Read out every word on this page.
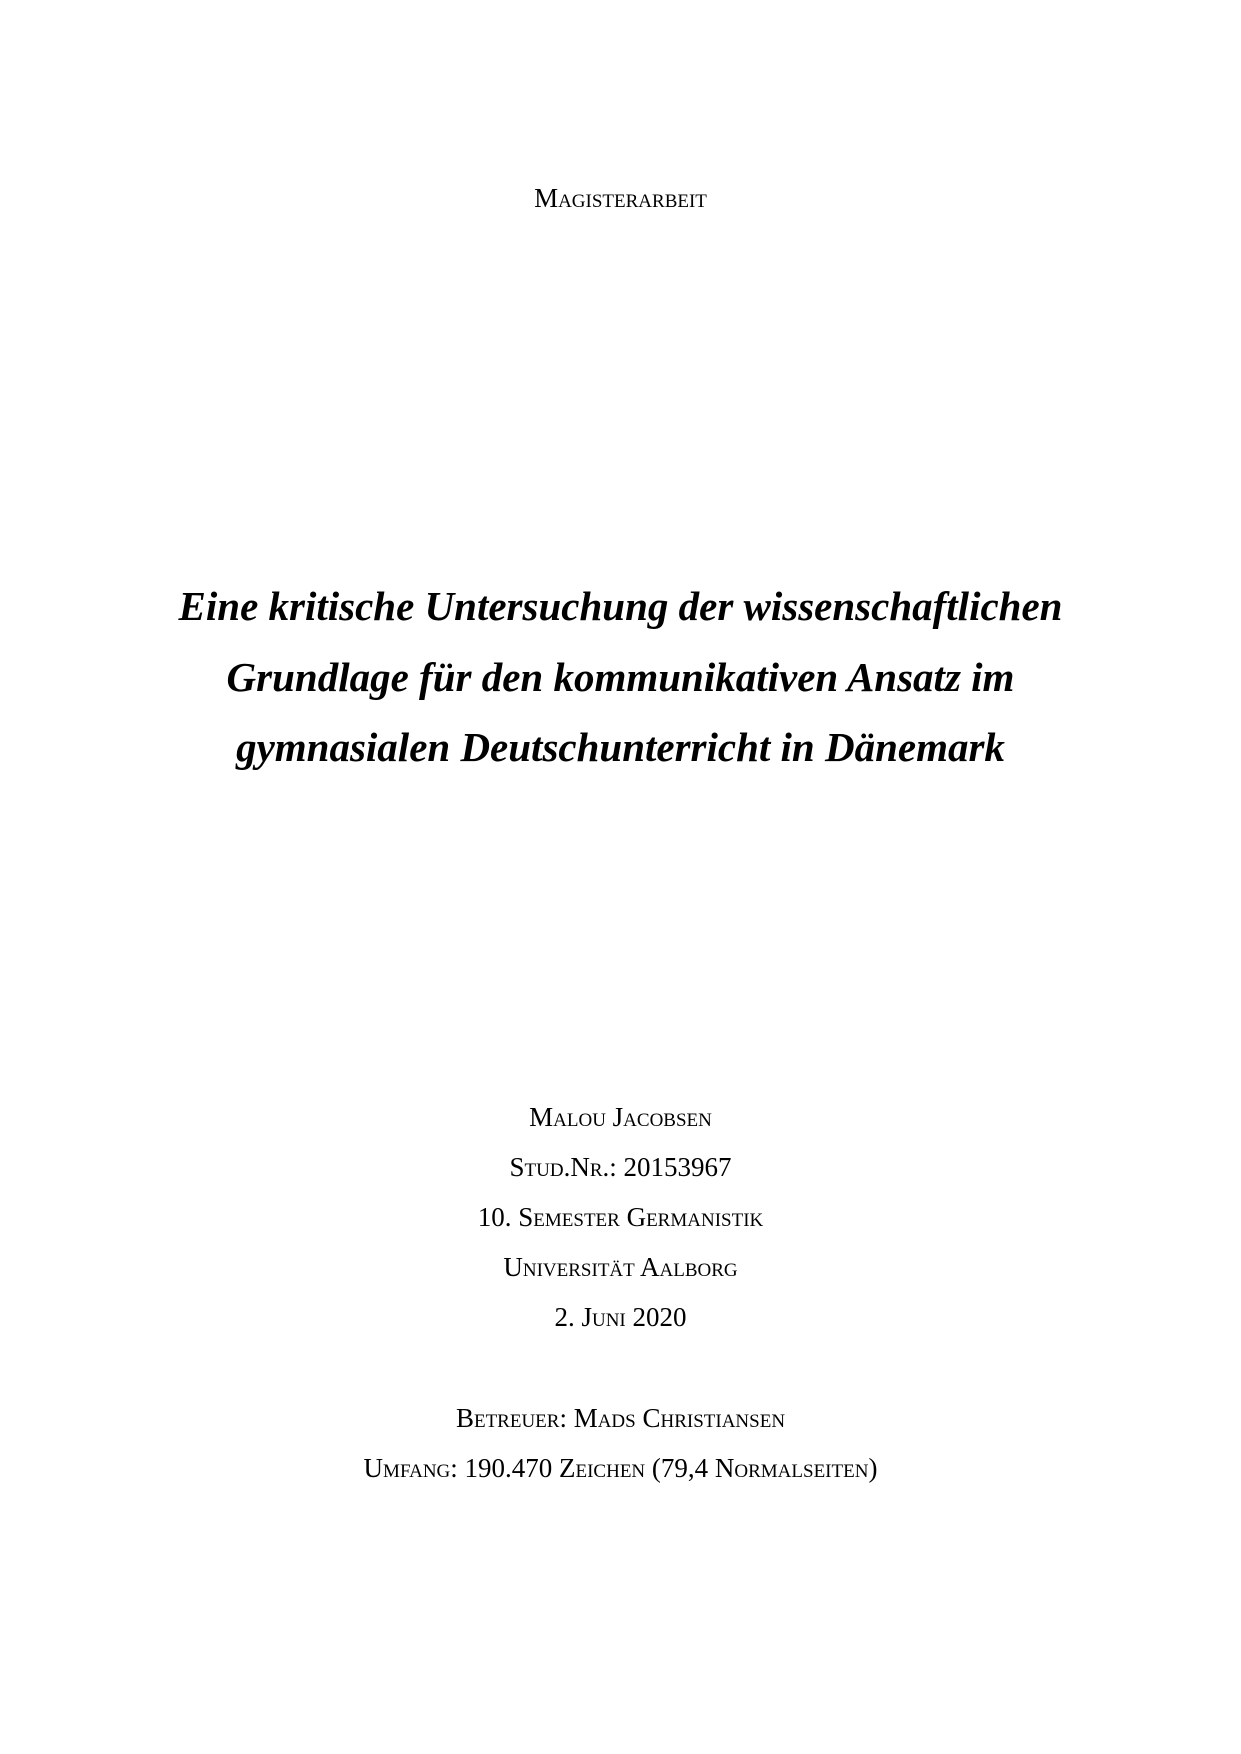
Magisterarbeit
Eine kritische Untersuchung der wissenschaftlichen
Grundlage für den kommunikativen Ansatz im
gymnasialen Deutschunterricht in Dänemark
Malou Jacobsen
Stud.Nr.: 20153967
10. Semester Germanistik
Universität Aalborg
2. Juni 2020
Betreuer: Mads Christiansen
Umfang: 190.470 Zeichen (79,4 Normalseiten)
